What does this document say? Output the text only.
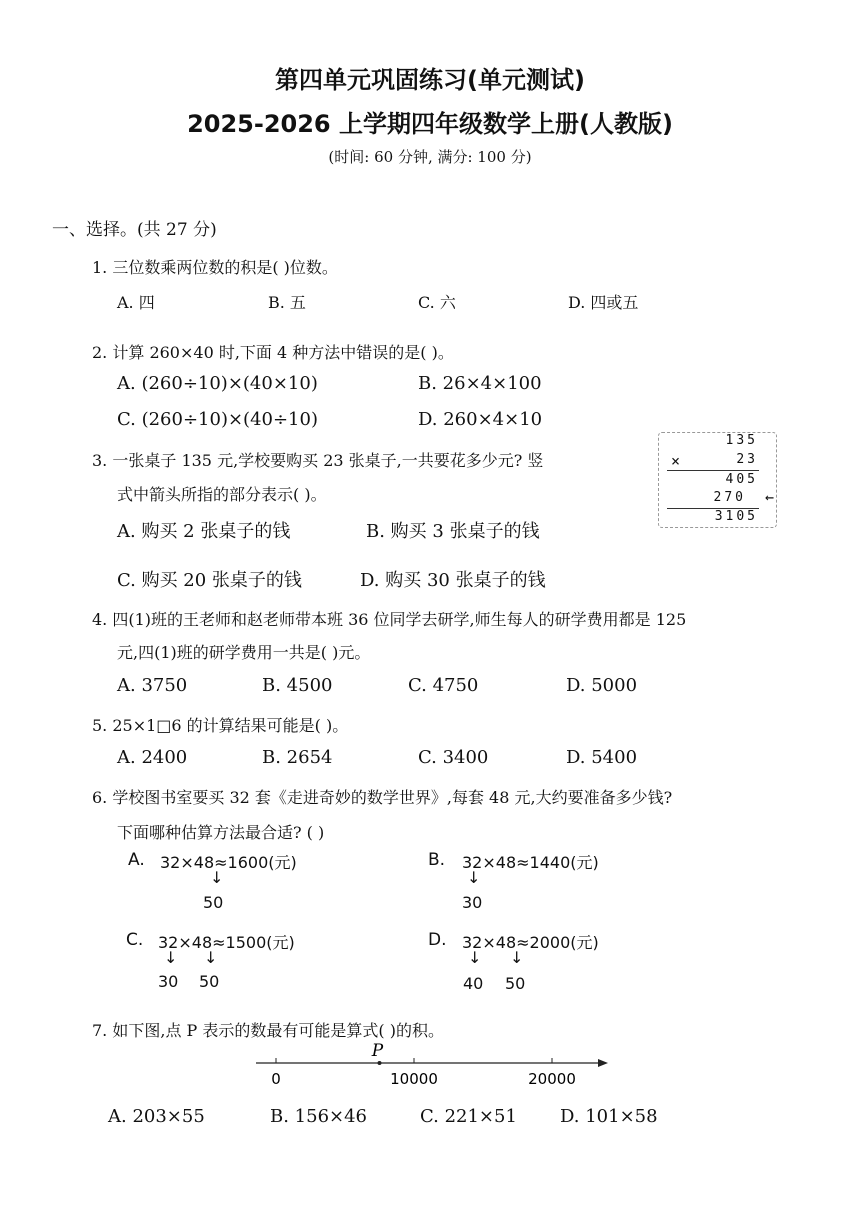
第四单元巩固练习(单元测试)
2025-2026 上学期四年级数学上册(人教版)
(时间: 60 分钟, 满分: 100 分)
一、选择。(共 27 分)
1. 三位数乘两位数的积是( )位数。
A. 四	B. 五	C. 六	D. 四或五
2. 计算 260×40 时,下面 4 种方法中错误的是( )。
A. (260÷10)×(40×10)	B. 26×4×100
C. (260÷10)×(40÷10)	D. 260×4×10
3. 一张桌子 135 元,学校要购买 23 张桌子,一共要花多少元? 竖
式中箭头所指的部分表示( )。
135
×	23
405
270 ←
3105
A. 购买 2 张桌子的钱	B. 购买 3 张桌子的钱
C. 购买 20 张桌子的钱	D. 购买 30 张桌子的钱
4. 四(1)班的王老师和赵老师带本班 36 位同学去研学,师生每人的研学费用都是 125
元,四(1)班的研学费用一共是( )元。
A. 3750	B. 4500	C. 4750	D. 5000
5. 25×1□6 的计算结果可能是( )。
A. 2400	B. 2654	C. 3400	D. 5400
6. 学校图书室要买 32 套《走进奇妙的数学世界》,每套 48 元,大约要准备多少钱?
下面哪种估算方法最合适? ( )
A. 32×48≈1600(元)
↓
50
B. 32×48≈1440(元)
↓
30
C. 32×48≈1500(元)
↓ ↓
30 50
D. 32×48≈2000(元)
↓ ↓
40 50
7. 如下图,点 P 表示的数最有可能是算式( )的积。
P
0	10000	20000
A. 203×55	B. 156×46	C. 221×51 D. 101×58
